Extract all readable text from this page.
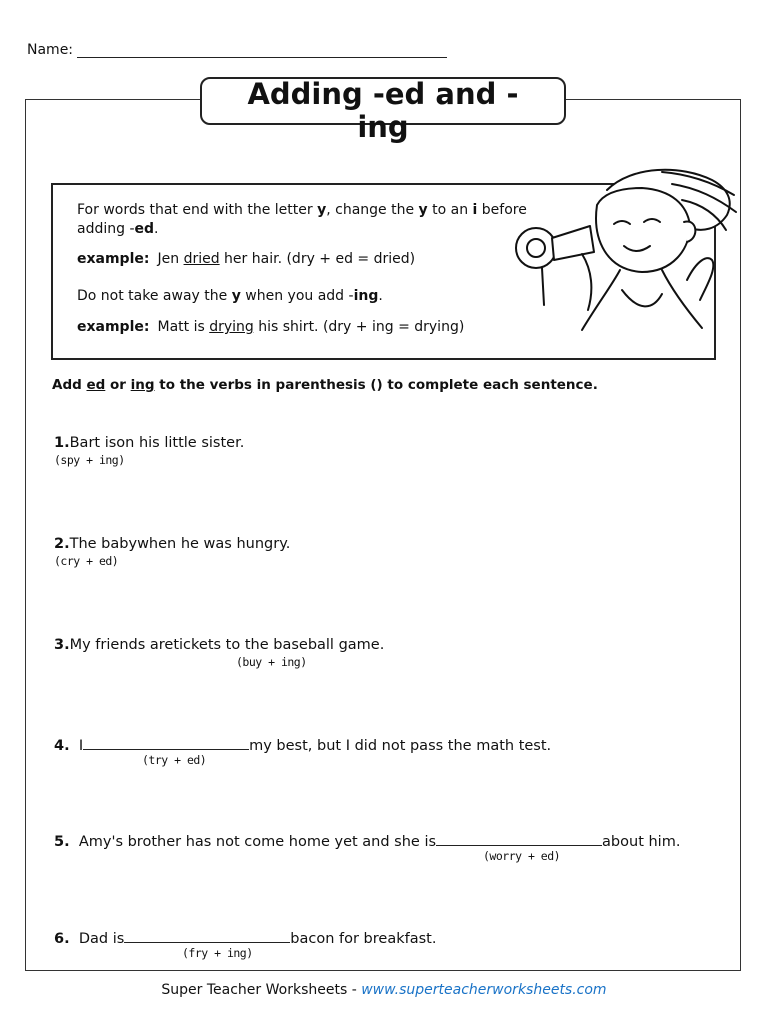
Name:
Adding -ed and -
ing
For words that end with the letter y, change the y to an i before
adding -ed.
example: Jen dried her hair. (dry + ed = dried)
Do not take away the y when you add -ing.
example: Matt is drying his shirt. (dry + ing = drying)
Add ed or ing to the verbs in parenthesis () to complete each sentence.
1.Bart ison his little sister.
(spy + ing)
2.The babywhen he was hungry.
(cry + ed)
3.My friends aretickets to the baseball game.
(buy + ing)
4. I	my best, but I did not pass the math test.
(try + ed)
5. Amy's brother has not come home yet and she is	about him.
(worry + ed)
6. Dad is	bacon for breakfast.
(fry + ing)
Super Teacher Worksheets - www.superteacherworksheets.com
